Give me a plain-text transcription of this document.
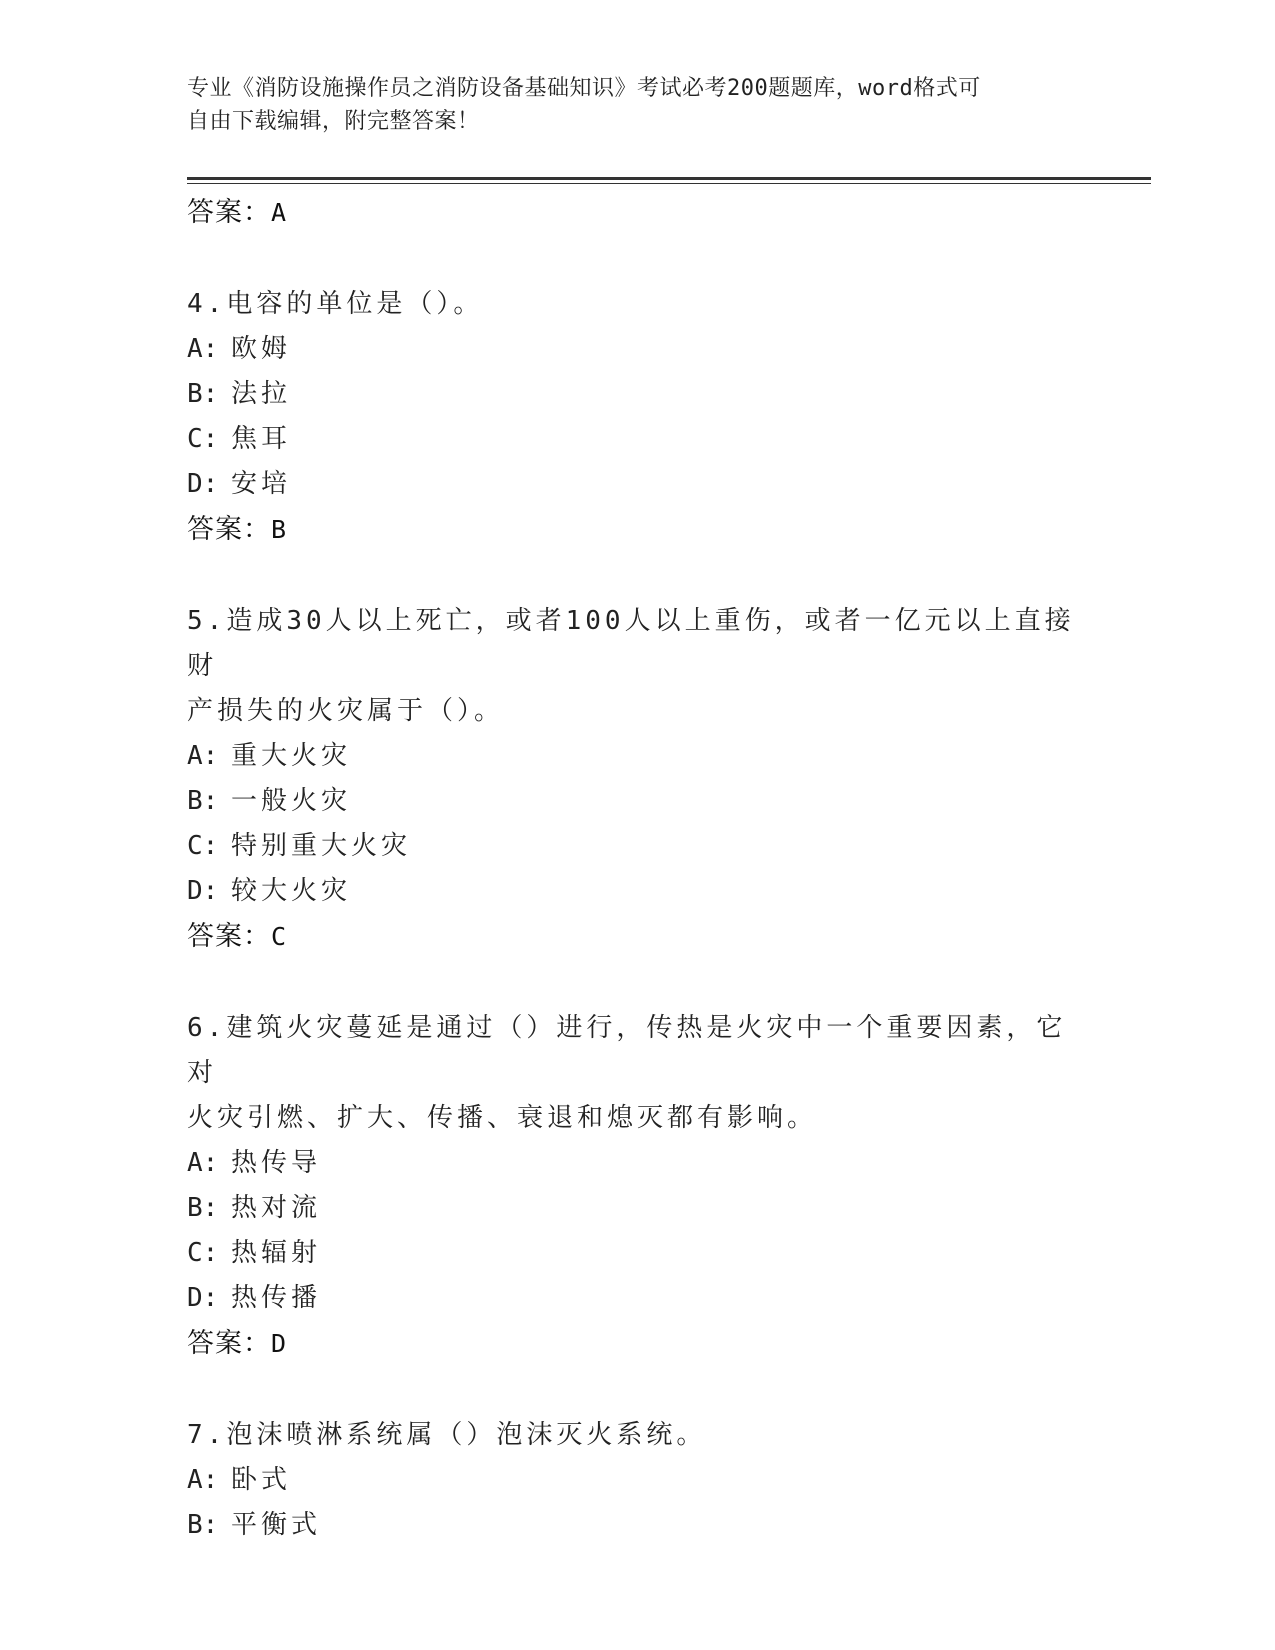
专业《消防设施操作员之消防设备基础知识》考试必考200题题库，word格式可
自由下载编辑，附完整答案！
答案：A
4.电容的单位是（）。
A: 欧姆
B: 法拉
C: 焦耳
D: 安培
答案：B
5.造成30人以上死亡，或者100人以上重伤，或者一亿元以上直接财
产损失的火灾属于（）。
A: 重大火灾
B: 一般火灾
C: 特别重大火灾
D: 较大火灾
答案：C
6.建筑火灾蔓延是通过（）进行，传热是火灾中一个重要因素，它对
火灾引燃、扩大、传播、衰退和熄灭都有影响。
A: 热传导
B: 热对流
C: 热辐射
D: 热传播
答案：D
7.泡沫喷淋系统属（）泡沫灭火系统。
A: 卧式
B: 平衡式
